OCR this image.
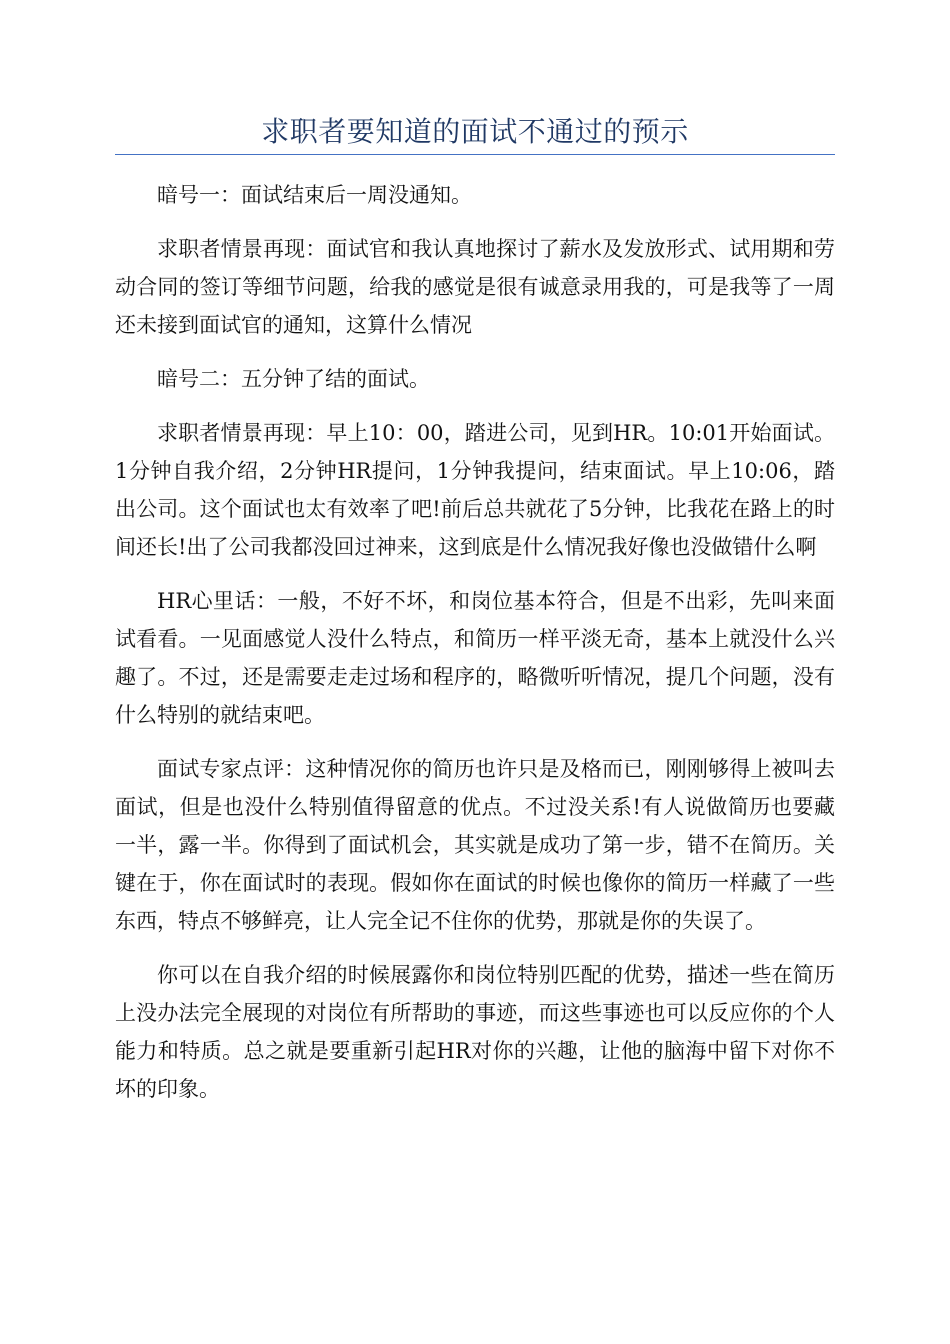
求职者要知道的面试不通过的预示

暗号一：面试结束后一周没通知。

求职者情景再现：面试官和我认真地探讨了薪水及发放形式、试用期和劳动合同的签订等细节问题，给我的感觉是很有诚意录用我的，可是我等了一周还未接到面试官的通知，这算什么情况

暗号二：五分钟了结的面试。

求职者情景再现：早上10：00，踏进公司，见到HR。10:01开始面试。1分钟自我介绍，2分钟HR提问，1分钟我提问，结束面试。早上10:06，踏出公司。这个面试也太有效率了吧!前后总共就花了5分钟，比我花在路上的时间还长!出了公司我都没回过神来，这到底是什么情况我好像也没做错什么啊

HR心里话：一般，不好不坏，和岗位基本符合，但是不出彩，先叫来面试看看。一见面感觉人没什么特点，和简历一样平淡无奇，基本上就没什么兴趣了。不过，还是需要走走过场和程序的，略微听听情况，提几个问题，没有什么特别的就结束吧。

面试专家点评：这种情况你的简历也许只是及格而已，刚刚够得上被叫去面试，但是也没什么特别值得留意的优点。不过没关系!有人说做简历也要藏一半，露一半。你得到了面试机会，其实就是成功了第一步，错不在简历。关键在于，你在面试时的表现。假如你在面试的时候也像你的简历一样藏了一些东西，特点不够鲜亮，让人完全记不住你的优势，那就是你的失误了。

你可以在自我介绍的时候展露你和岗位特别匹配的优势，描述一些在简历上没办法完全展现的对岗位有所帮助的事迹，而这些事迹也可以反应你的个人能力和特质。总之就是要重新引起HR对你的兴趣，让他的脑海中留下对你不坏的印象。
